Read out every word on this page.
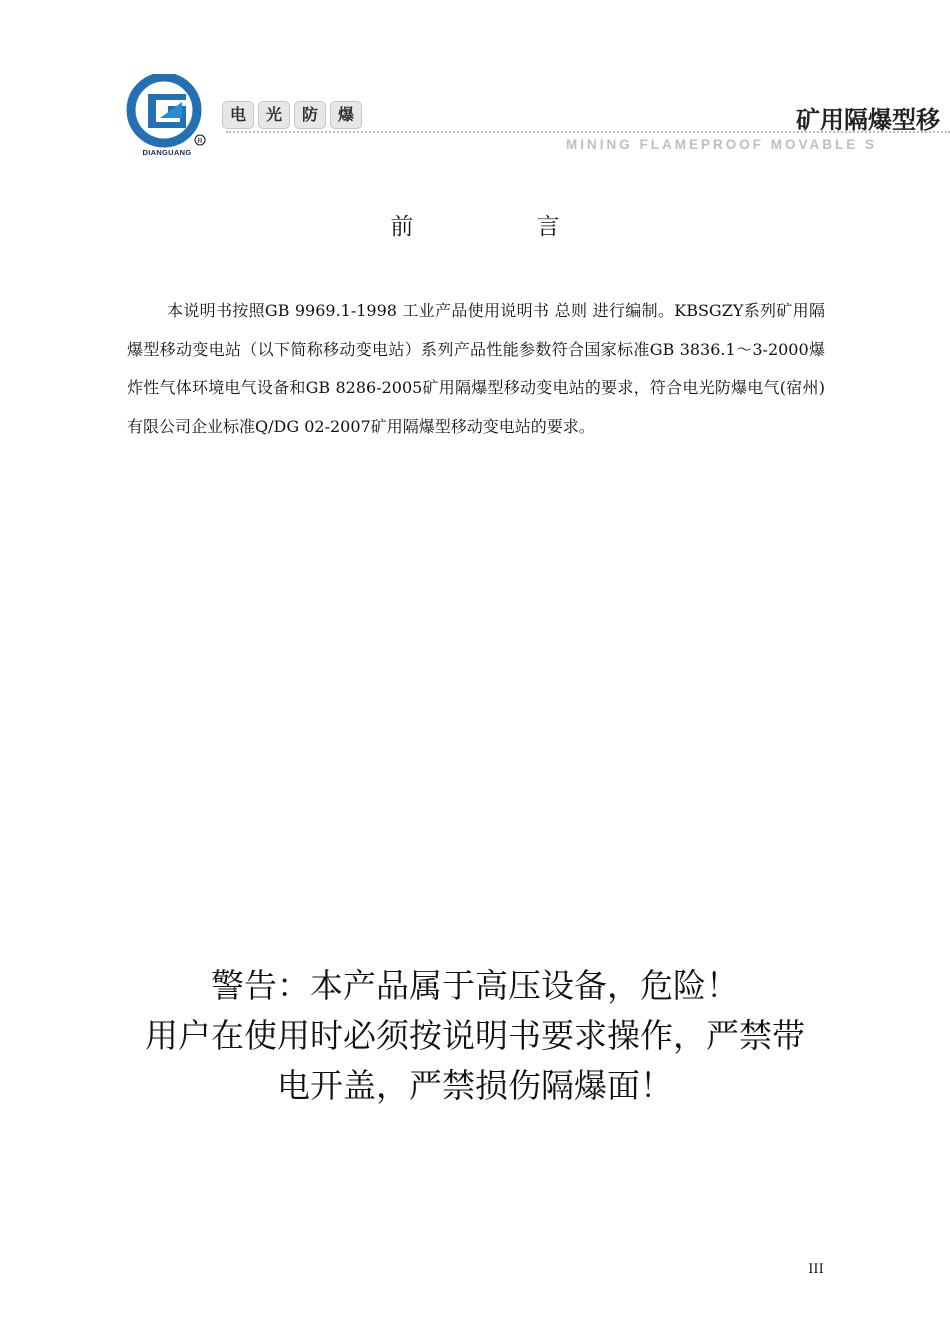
R
DIANGUANG
电	光	防	爆	矿用隔爆型移
MINING FLAMEPROOF MOVABLE S
前 言
本说明书按照GB 9969.1-1998 工业产品使用说明书 总则 进行编制。KBSGZY系列矿用隔爆型移动变电站（以下简称移动变电站）系列产品性能参数符合国家标准GB 3836.1～3-2000爆炸性气体环境电气设备和GB 8286-2005矿用隔爆型移动变电站的要求，符合电光防爆电气(宿州)有限公司企业标准Q/DG 02-2007矿用隔爆型移动变电站的要求。
警告：本产品属于高压设备，危险！
用户在使用时必须按说明书要求操作，严禁带
电开盖，严禁损伤隔爆面！
III
